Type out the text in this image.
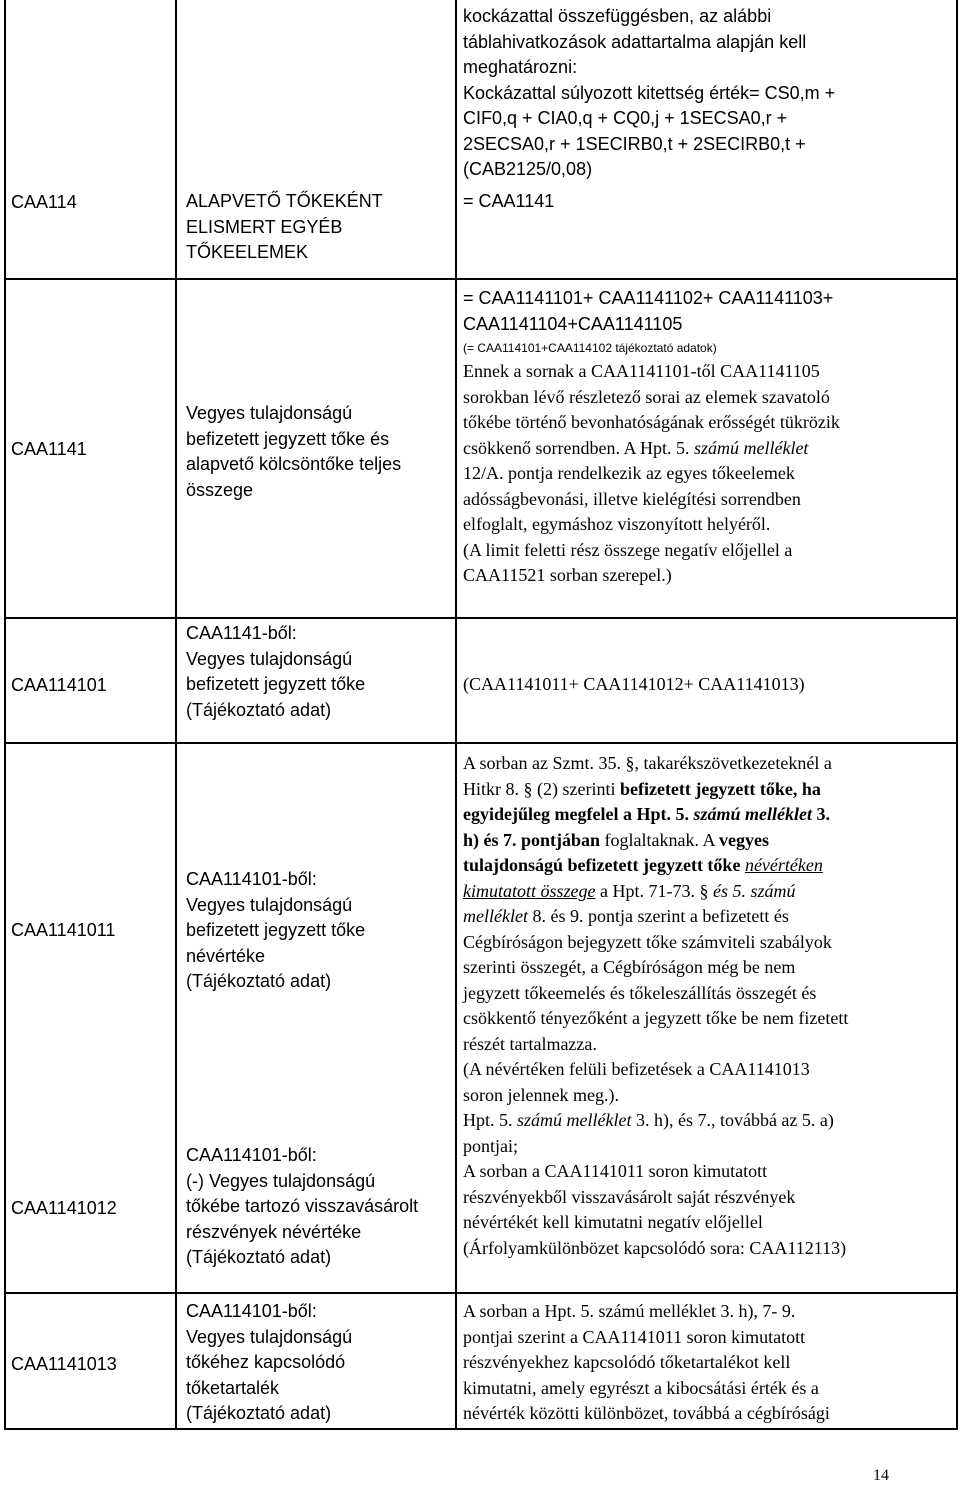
CAA114
CAA1141
CAA114101
CAA1141011
CAA1141012
CAA1141013
ALAPVETŐ TŐKEKÉNT
ELISMERT EGYÉB
TŐKEELEMEK
Vegyes tulajdonságú
befizetett jegyzett tőke és
alapvető kölcsöntőke teljes
összege
CAA1141-ből:
Vegyes tulajdonságú
befizetett jegyzett tőke
(Tájékoztató adat)
CAA114101-ből:
Vegyes tulajdonságú
befizetett jegyzett tőke
névértéke
(Tájékoztató adat)
CAA114101-ből:
(-) Vegyes tulajdonságú
tőkébe tartozó visszavásárolt
részvények névértéke
(Tájékoztató adat)
CAA114101-ből:
Vegyes tulajdonságú
tőkéhez kapcsolódó
tőketartalék
(Tájékoztató adat)
kockázattal összefüggésben, az alábbi
táblahivatkozások adattartalma alapján kell
meghatározni:
Kockázattal súlyozott kitettség érték= CS0,m +
CIF0,q + CIA0,q + CQ0,j + 1SECSA0,r +
2SECSA0,r + 1SECIRB0,t + 2SECIRB0,t +
(CAB2125/0,08)
= CAA1141
= CAA1141101+ CAA1141102+ CAA1141103+
CAA1141104+CAA1141105
(= CAA114101+CAA114102 tájékoztató adatok)
Ennek a sornak a CAA1141101-től CAA1141105
sorokban lévő részletező sorai az elemek szavatoló
tőkébe történő bevonhatóságának erősségét tükrözik
csökkenő sorrendben. A Hpt. 5. számú melléklet
12/A. pontja rendelkezik az egyes tőkeelemek
adósságbevonási, illetve kielégítési sorrendben
elfoglalt, egymáshoz viszonyított helyéről.
(A limit feletti rész összege negatív előjellel a
CAA11521 sorban szerepel.)
(CAA1141011+ CAA1141012+ CAA1141013)
A sorban az Szmt. 35. §, takarékszövetkezeteknél a
Hitkr 8. § (2) szerinti befizetett jegyzett tőke, ha
egyidejűleg megfelel a Hpt. 5. számú melléklet 3.
h) és 7. pontjában foglaltaknak. A vegyes
tulajdonságú befizetett jegyzett tőke névértéken
kimutatott összege a Hpt. 71-73. § és 5. számú
melléklet 8. és 9. pontja szerint a befizetett és
Cégbíróságon bejegyzett tőke számviteli szabályok
szerinti összegét, a Cégbíróságon még be nem
jegyzett tőkeemelés és tőkeleszállítás összegét és
csökkentő tényezőként a jegyzett tőke be nem fizetett
részét tartalmazza.
(A névértéken felüli befizetések a CAA1141013
soron jelennek meg.).
Hpt. 5. számú melléklet 3. h), és 7., továbbá az 5. a)
pontjai;
A sorban a CAA1141011 soron kimutatott
részvényekből visszavásárolt saját részvények
névértékét kell kimutatni negatív előjellel
(Árfolyamkülönbözet kapcsolódó sora: CAA112113)
A sorban a Hpt. 5. számú melléklet 3. h), 7- 9.
pontjai szerint a CAA1141011 soron kimutatott
részvényekhez kapcsolódó tőketartalékot kell
kimutatni, amely egyrészt a kibocsátási érték és a
névérték közötti különbözet, továbbá a cégbírósági
14
